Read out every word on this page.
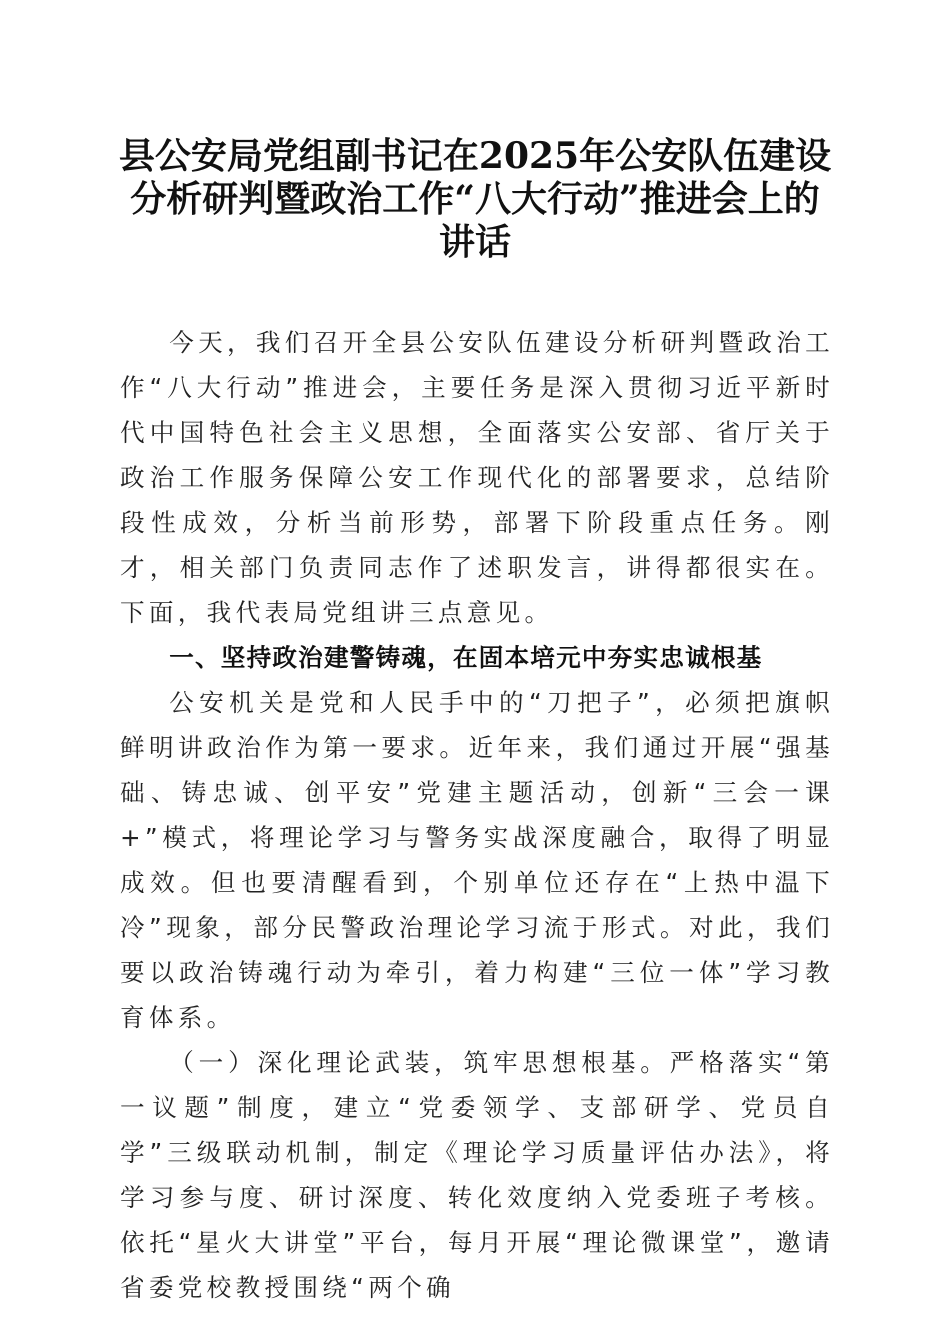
县公安局党组副书记在2025年公安队伍建设
分析研判暨政治工作“八大行动”推进会上的
讲话

今天，我们召开全县公安队伍建设分析研判暨政治工作“八大行动”推进会，主要任务是深入贯彻习近平新时代中国特色社会主义思想，全面落实公安部、省厅关于政治工作服务保障公安工作现代化的部署要求，总结阶段性成效，分析当前形势，部署下阶段重点任务。刚才，相关部门负责同志作了述职发言，讲得都很实在。下面，我代表局党组讲三点意见。

一、坚持政治建警铸魂，在固本培元中夯实忠诚根基

公安机关是党和人民手中的“刀把子”，必须把旗帜鲜明讲政治作为第一要求。近年来，我们通过开展“强基础、铸忠诚、创平安”党建主题活动，创新“三会一课+”模式，将理论学习与警务实战深度融合，取得了明显成效。但也要清醒看到，个别单位还存在“上热中温下冷”现象，部分民警政治理论学习流于形式。对此，我们要以政治铸魂行动为牵引，着力构建“三位一体”学习教育体系。

（一）深化理论武装，筑牢思想根基。严格落实“第一议题”制度，建立“党委领学、支部研学、党员自学”三级联动机制，制定《理论学习质量评估办法》，将学习参与度、研讨深度、转化效度纳入党委班子考核。依托“星火大讲堂”平台，每月开展“理论微课堂”，邀请省委党校教授围绕“两个确
